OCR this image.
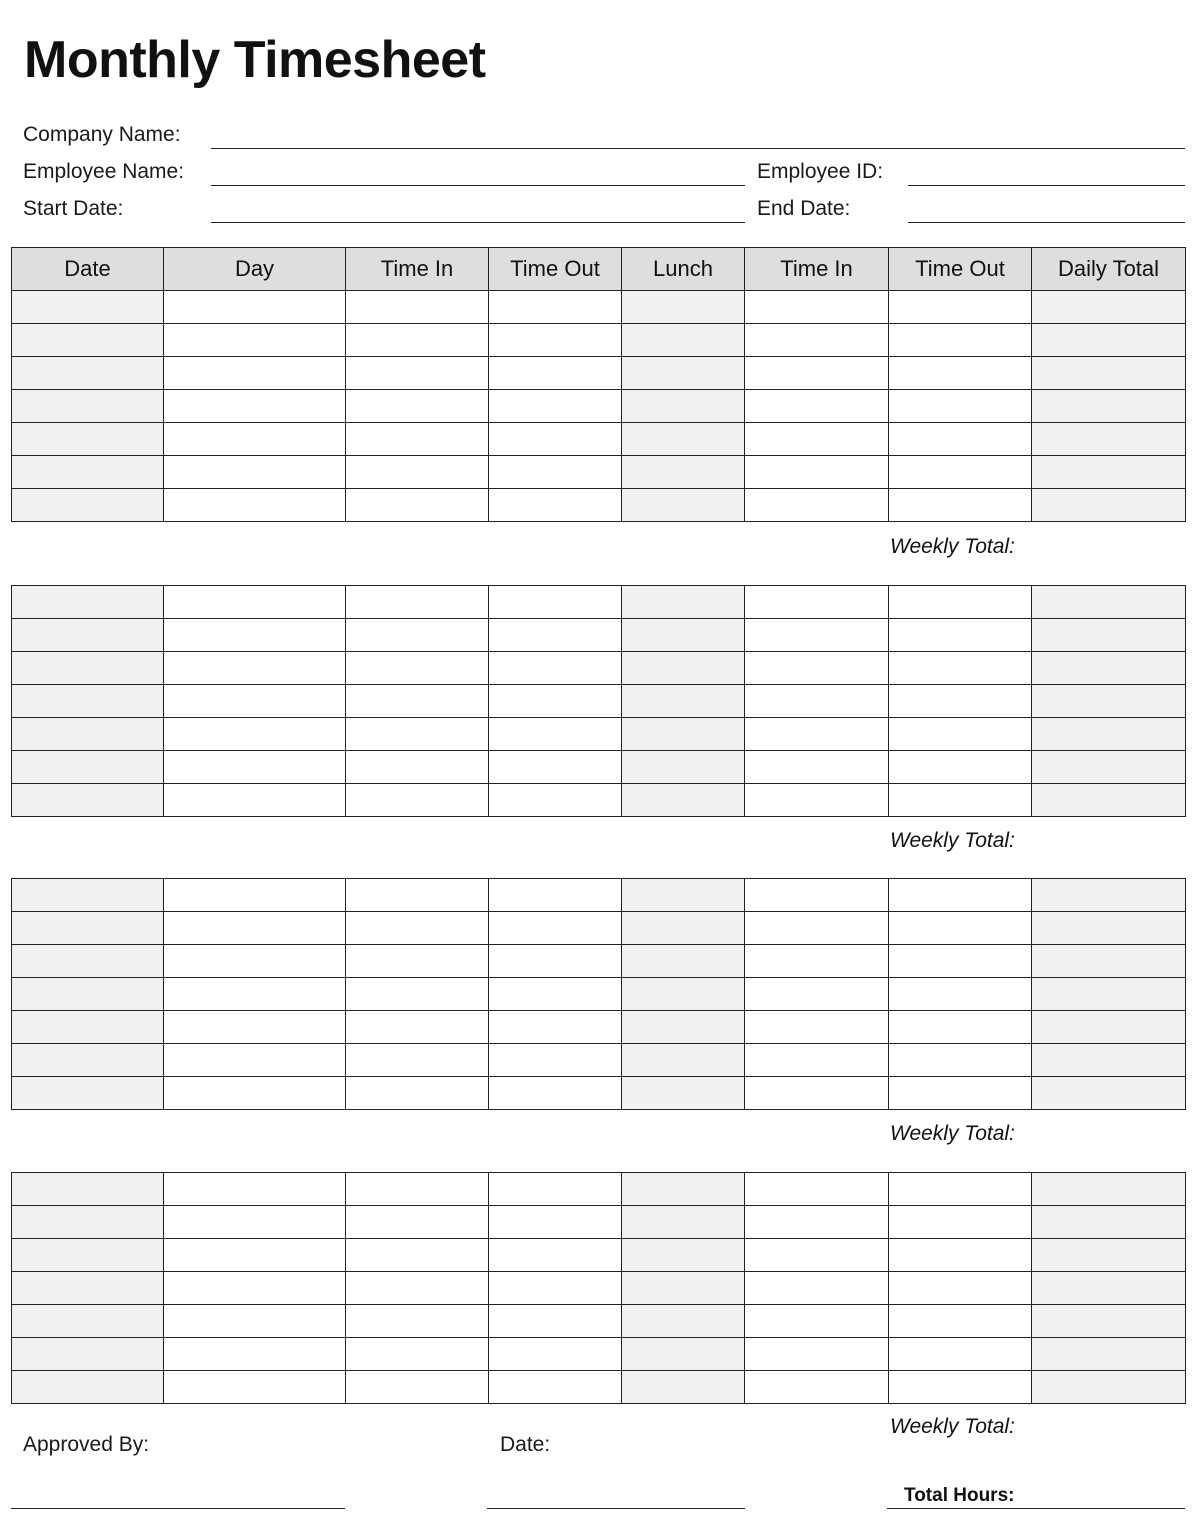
Monthly Timesheet
Company Name:
Employee Name:	Employee ID:
Start Date:	End Date:
Date	Day	Time In	Time Out	Lunch	Time In	Time Out	Daily Total

Weekly Total:

Weekly Total:

Weekly Total:

Weekly Total:
Approved By:	Date:
Total Hours:
